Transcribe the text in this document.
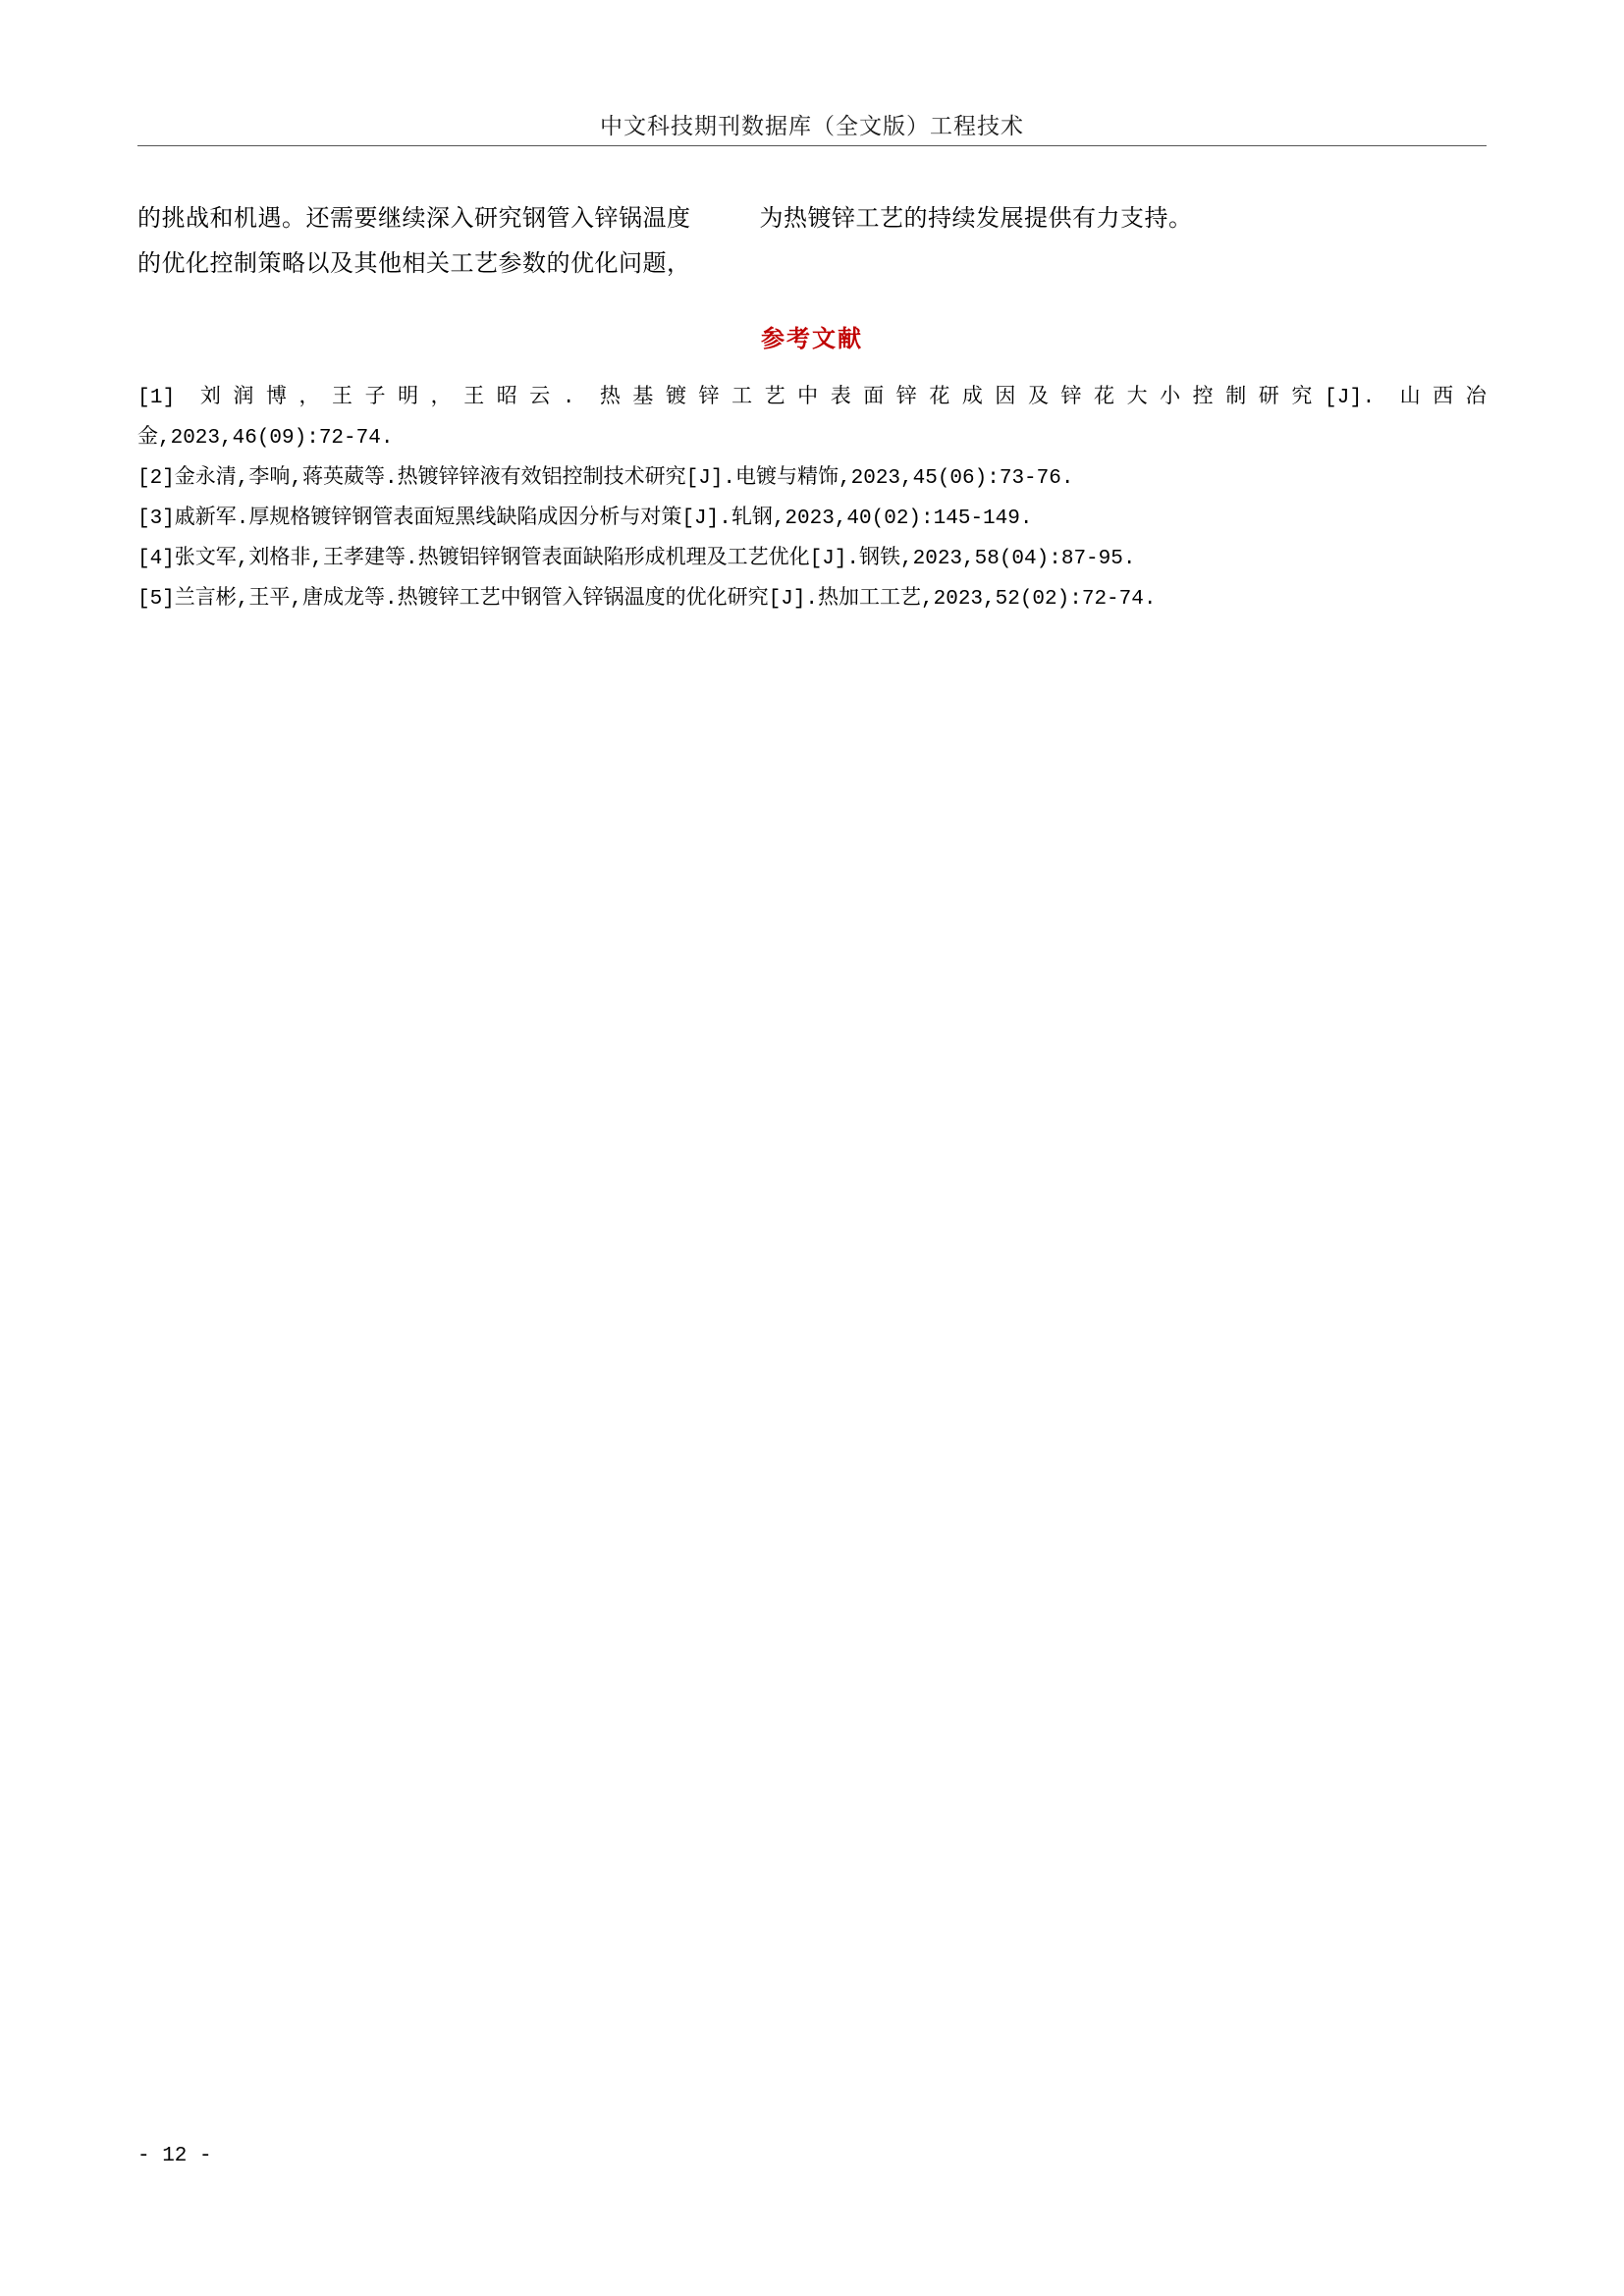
中文科技期刊数据库（全文版）工程技术
的挑战和机遇。还需要继续深入研究钢管入锌锅温度	为热镀锌工艺的持续发展提供有力支持。
的优化控制策略以及其他相关工艺参数的优化问题，
参考文献
[1] 刘润博，王子明，王昭云. 热基镀锌工艺中表面锌花成因及锌花大小控制研究[J]. 山西冶
金,2023,46(09):72-74.
[2]金永清,李响,蒋英葳等.热镀锌锌液有效铝控制技术研究[J].电镀与精饰,2023,45(06):73-76.
[3]戚新军.厚规格镀锌钢管表面短黑线缺陷成因分析与对策[J].轧钢,2023,40(02):145-149.
[4]张文军,刘格非,王孝建等.热镀铝锌钢管表面缺陷形成机理及工艺优化[J].钢铁,2023,58(04):87-95.
[5]兰言彬,王平,唐成龙等.热镀锌工艺中钢管入锌锅温度的优化研究[J].热加工工艺,2023,52(02):72-74.
- 12 -
